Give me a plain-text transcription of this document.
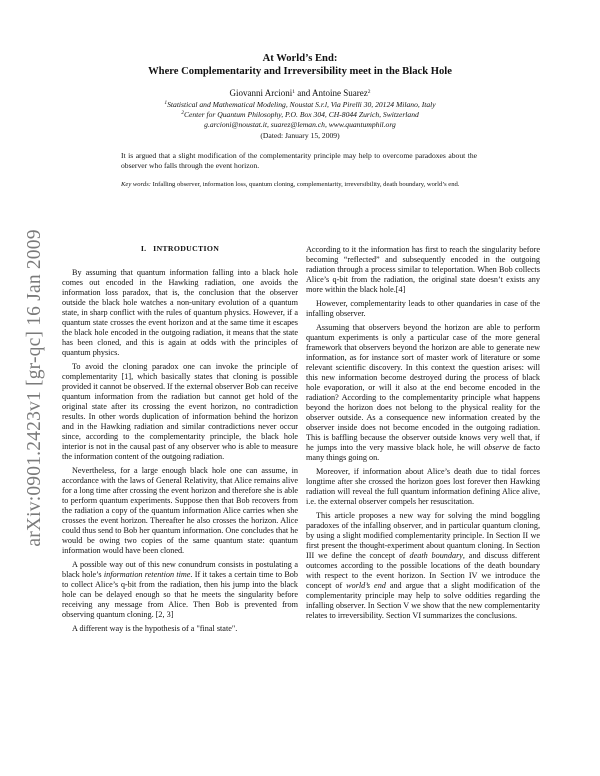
arXiv:0901.2423v1 [gr-qc] 16 Jan 2009
At World’s End:
Where Complementarity and Irreversibility meet in the Black Hole
Giovanni Arcioni$^1$ and Antoine Suarez$^2$
$^1$Statistical and Mathematical Modeling, Noustat S.r.l, Via Pirelli 30, 20124 Milano, Italy
$^2$Center for Quantum Philosophy, P.O. Box 304, CH-8044 Zurich, Switzerland
g.arcioni@noustat.it, suarez@leman.ch, www.quantumphil.org
(Dated: January 15, 2009)
It is argued that a slight modification of the complementarity principle may help to overcome paradoxes about the observer who falls through the event horizon.
Key words: Infalling observer, information loss, quantum cloning, complementarity, irreversibility, death boundary, world’s end.
I. INTRODUCTION

By assuming that quantum information falling into a black hole comes out encoded in the Hawking radiation, one avoids the information loss paradox, that is, the conclusion that the observer outside the black hole watches a non-unitary evolution of a quantum state, in sharp conflict with the rules of quantum physics. However, if a quantum state crosses the event horizon and at the same time it escapes the black hole encoded in the outgoing radiation, it means that the state has been cloned, and this is again at odds with the principles of quantum physics.

To avoid the cloning paradox one can invoke the principle of complementarity [1], which basically states that cloning is possible provided it cannot be observed. If the external observer Bob can receive quantum information from the radiation but cannot get hold of the original state after its crossing the event horizon, no contradiction results. In other words duplication of information behind the horizon and in the Hawking radiation and similar contradictions never occur since, according to the complementarity principle, the black hole interior is not in the causal past of any observer who is able to measure the information content of the outgoing radiation.

Nevertheless, for a large enough black hole one can assume, in accordance with the laws of General Relativity, that Alice remains alive for a long time after crossing the event horizon and therefore she is able to perform quantum experiments. Suppose then that Bob recovers from the radiation a copy of the quantum information Alice carries when she crosses the event horizon. Thereafter he also crosses the horizon. Alice could thus send to Bob her quantum information. One concludes that he would be owing two copies of the same quantum state: quantum information would have been cloned.

A possible way out of this new conundrum consists in postulating a black hole’s information retention time. If it takes a certain time to Bob to collect Alice’s q-bit from the radiation, then his jump into the black hole can be delayed enough so that he meets the singularity before receiving any message from Alice. Then Bob is prevented from observing quantum cloning. [2, 3]

A different way is the hypothesis of a "final state".

According to it the information has first to reach the singularity before becoming “reflected” and subsequently encoded in the outgoing radiation through a process similar to teleportation. When Bob collects Alice’s q-bit from the radiation, the original state doesn’t exists any more within the black hole.[4]

However, complementarity leads to other quandaries in case of the infalling observer.

Assuming that observers beyond the horizon are able to perform quantum experiments is only a particular case of the more general framework that observers beyond the horizon are able to generate new information, as for instance sort of master work of literature or some relevant scientific discovery. In this context the question arises: will this new information become destroyed during the process of black hole evaporation, or will it also at the end become encoded in the radiation? According to the complementarity principle what happens beyond the horizon does not belong to the physical reality for the observer outside. As a consequence new information created by the observer inside does not become encoded in the outgoing radiation. This is baffling because the observer outside knows very well that, if he jumps into the very massive black hole, he will observe de facto many things going on.

Moreover, if information about Alice’s death due to tidal forces longtime after she crossed the horizon goes lost forever then Hawking radiation will reveal the full quantum information defining Alice alive, i.e. the external observer compels her resuscitation.

This article proposes a new way for solving the mind boggling paradoxes of the infalling observer, and in particular quantum cloning, by using a slight modified complementarity principle. In Section II we first present the thought-experiment about quantum cloning. In Section III we define the concept of death boundary, and discuss different outcomes according to the possible locations of the death boundary with respect to the event horizon. In Section IV we introduce the concept of world’s end and argue that a slight modification of the complementarity principle may help to solve oddities regarding the infalling observer. In Section V we show that the new complementarity relates to irreversibility. Section VI summarizes the conclusions.
